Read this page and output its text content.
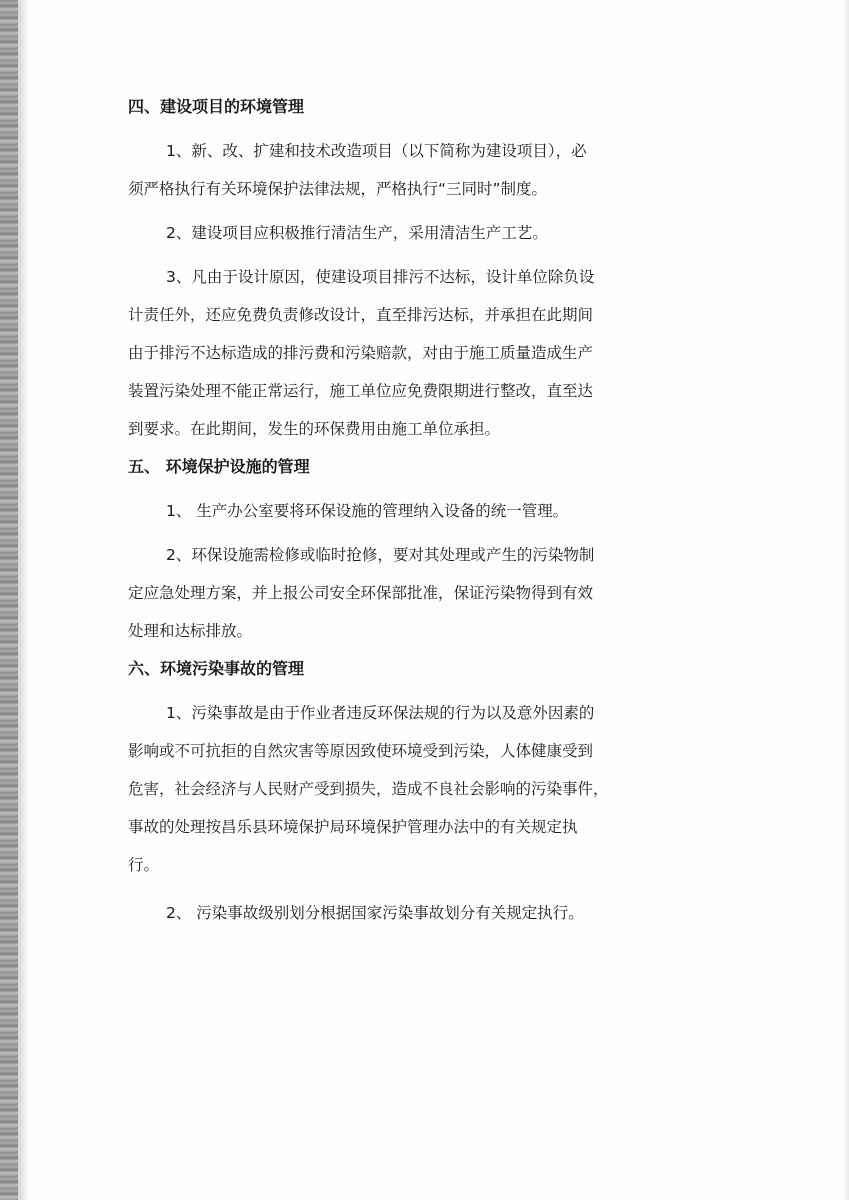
四、建设项目的环境管理
1、新、改、扩建和技术改造项目（以下简称为建设项目），必
须严格执行有关环境保护法律法规，严格执行“三同时”制度。
2、建设项目应积极推行清洁生产，采用清洁生产工艺。
3、凡由于设计原因，使建设项目排污不达标，设计单位除负设
计责任外，还应免费负责修改设计，直至排污达标，并承担在此期间
由于排污不达标造成的排污费和污染赔款，对由于施工质量造成生产
装置污染处理不能正常运行，施工单位应免费限期进行整改，直至达
到要求。在此期间，发生的环保费用由施工单位承担。
五、 环境保护设施的管理
1、 生产办公室要将环保设施的管理纳入设备的统一管理。
2、环保设施需检修或临时抢修，要对其处理或产生的污染物制
定应急处理方案，并上报公司安全环保部批准，保证污染物得到有效
处理和达标排放。
六、环境污染事故的管理
1、污染事故是由于作业者违反环保法规的行为以及意外因素的
影响或不可抗拒的自然灾害等原因致使环境受到污染，人体健康受到
危害，社会经济与人民财产受到损失，造成不良社会影响的污染事件，
事故的处理按昌乐县环境保护局环境保护管理办法中的有关规定执
行。
2、 污染事故级别划分根据国家污染事故划分有关规定执行。
